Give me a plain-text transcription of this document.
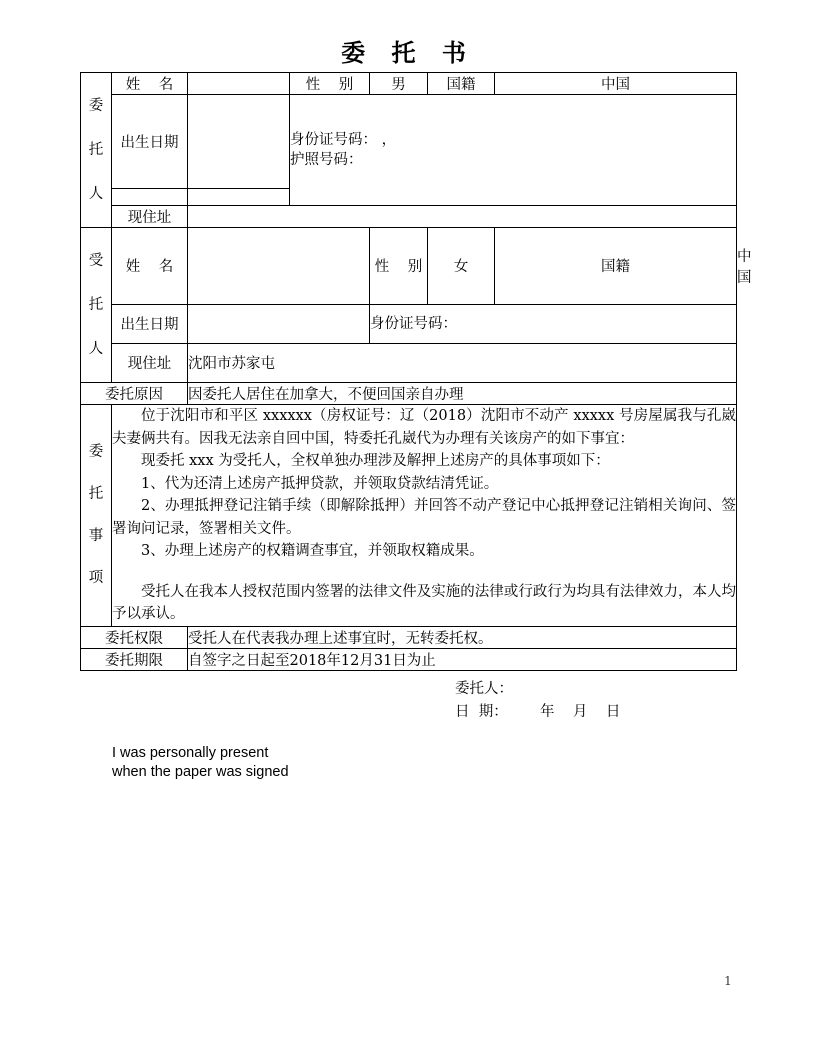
委 托 书

委

托

人	姓    名		性    别	男	国籍	中国	
	出生日期		身份证号码： ，
护照号码：				

	现住址						

受

托

人	姓    名			性    别	女	国籍	中国
	出生日期			身份证号码：			
	现住址	沈阳市苏家屯					
委托原因		因委托人居住在加拿大，不便回国亲自办理					

委
托
事
项

位于沈阳市和平区 xxxxxx（房权证号：辽（2018）沈阳市不动产 xxxxx 号房屋属我与孔崴夫妻俩共有。因我无法亲自回中国，特委托孔崴代为办理有关该房产的如下事宜：

现委托 xxx 为受托人，全权单独办理涉及解押上述房产的具体事项如下：

1、代为还清上述房产抵押贷款，并领取贷款结清凭证。

2、办理抵押登记注销手续（即解除抵押）并回答不动产登记中心抵押登记注销相关询问、签署询问记录，签署相关文件。

3、办理上述房产的权籍调查事宜，并领取权籍成果。

受托人在我本人授权范围内签署的法律文件及实施的法律或行政行为均具有法律效力，本人均予以承认。

委托权限		受托人在代表我办理上述事宜时，无转委托权。					
委托期限		自签字之日起至2018年12月31日为止					
委托人：
日  期：       年    月    日
I was personally present
when the paper was signed
1
